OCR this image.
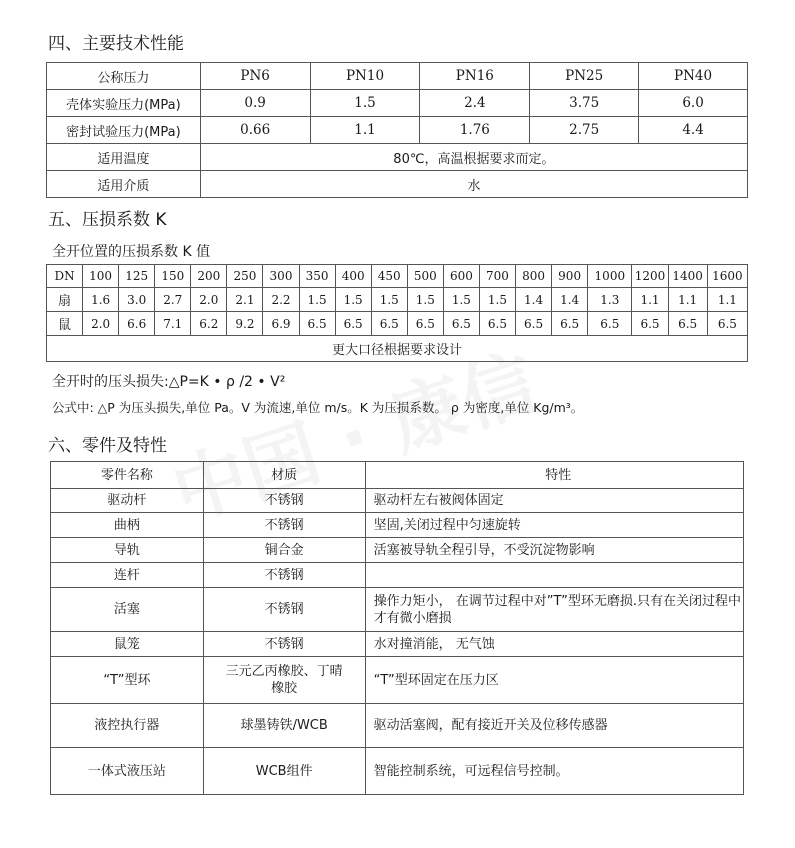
四、主要技术性能
公称压力	PN6	PN10	PN16	PN25	PN40
壳体实验压力(MPa)	0.9	1.5	2.4	3.75	6.0
密封试验压力(MPa)	0.66	1.1	1.76	2.75	4.4
适用温度	80℃，高温根据要求而定。				
适用介质	水				
五、压损系数 K
全开位置的压损系数 K 值
DN	100	125	150	200	250	300	350	400	450	500	600	700	800	900	1000	1200	1400	1600
扇	1.6	3.0	2.7	2.0	2.1	2.2	1.5	1.5	1.5	1.5	1.5	1.5	1.4	1.4	1.3	1.1	1.1	1.1
鼠	2.0	6.6	7.1	6.2	9.2	6.9	6.5	6.5	6.5	6.5	6.5	6.5	6.5	6.5	6.5	6.5	6.5	6.5
更大口径根据要求设计																		
全开时的压头损失:△P=K • ρ /2 • V²
公式中: △P 为压头损失,单位 Pa。V 为流速,单位 m/s。K 为压损系数。 ρ 为密度,单位 Kg/m³。
六、零件及特性
零件名称	材质	特性
驱动杆	不锈钢	驱动杆左右被阀体固定
曲柄	不锈钢	坚固,关闭过程中匀速旋转
导轨	铜合金	活塞被导轨全程引导，不受沉淀物影响
连杆	不锈钢	
活塞	不锈钢	操作力矩小， 在调节过程中对”T”型环无磨损.只有在关闭过程中才有微小磨损
鼠笼	不锈钢	水对撞消能， 无气蚀
“T”型环	三元乙丙橡胶、丁晴橡胶	“T”型环固定在压力区
液控执行器	球墨铸铁/WCB	驱动活塞阀，配有接近开关及位移传感器
一体式液压站	WCB组件	智能控制系统，可远程信号控制。
